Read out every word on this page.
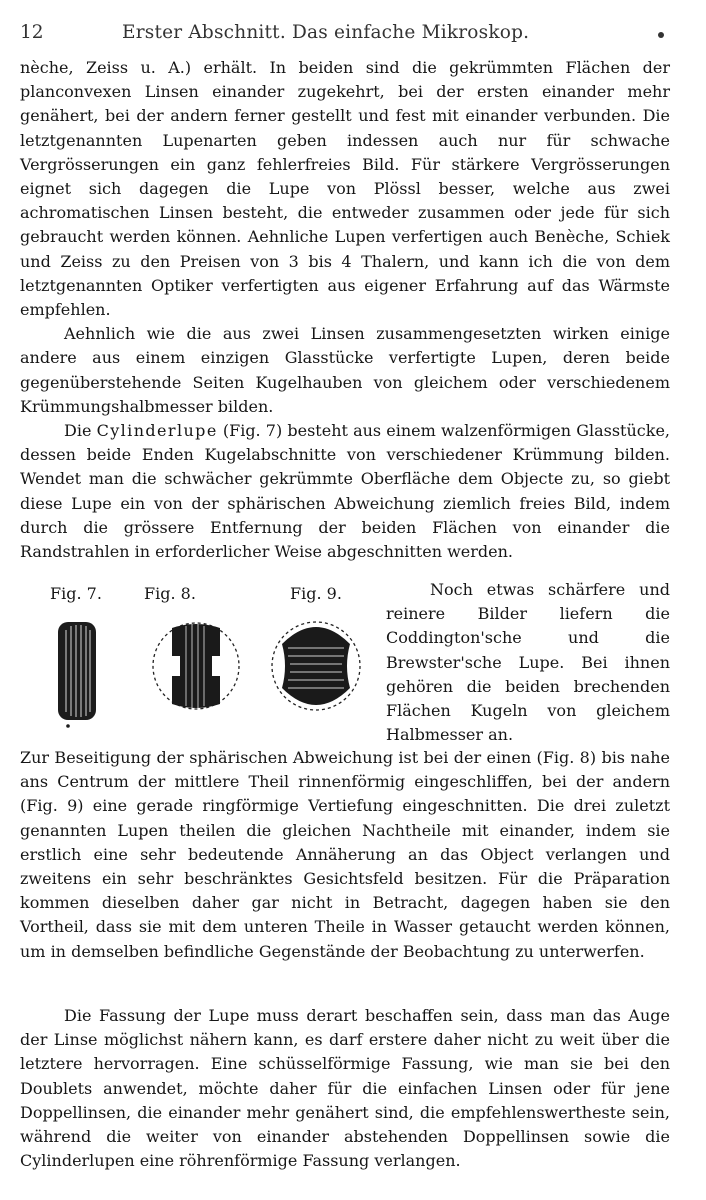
12	Erster Abschnitt. Das einfache Mikroskop.

nèche, Zeiss u. A.) erhält. In beiden sind die gekrümmten Flächen der planconvexen Linsen einander zugekehrt, bei der ersten einander mehr genähert, bei der andern ferner gestellt und fest mit einander verbunden. Die letztgenannten Lupenarten geben indessen auch nur für schwache Vergrösserungen ein ganz fehlerfreies Bild. Für stärkere Vergrösserungen eignet sich dagegen die Lupe von Plössl besser, welche aus zwei achromatischen Linsen besteht, die entweder zusammen oder jede für sich gebraucht werden können. Aehnliche Lupen verfertigen auch Benèche, Schiek und Zeiss zu den Preisen von 3 bis 4 Thalern, und kann ich die von dem letztgenannten Optiker verfertigten aus eigener Erfahrung auf das Wärmste empfehlen.

Aehnlich wie die aus zwei Linsen zusammengesetzten wirken einige andere aus einem einzigen Glasstücke verfertigte Lupen, deren beide gegenüberstehende Seiten Kugelhauben von gleichem oder verschiedenem Krümmungshalbmesser bilden.

Die Cylinderlupe (Fig. 7) besteht aus einem walzenförmigen Glasstücke, dessen beide Enden Kugelabschnitte von verschiedener Krümmung bilden. Wendet man die schwächer gekrümmte Oberfläche dem Objecte zu, so giebt diese Lupe ein von der sphärischen Abweichung ziemlich freies Bild, indem durch die grössere Entfernung der beiden Flächen von einander die Randstrahlen in erforderlicher Weise abgeschnitten werden.

Fig. 7.	Fig. 8.	Fig. 9.	Noch etwas schärfere und reinere Bilder liefern die Coddington'sche und die Brewster'sche Lupe. Bei ihnen gehören die beiden brechenden Flächen Kugeln von gleichem Halbmesser an.

Zur Beseitigung der sphärischen Abweichung ist bei der einen (Fig. 8) bis nahe ans Centrum der mittlere Theil rinnenförmig eingeschliffen, bei der andern (Fig. 9) eine gerade ringförmige Vertiefung eingeschnitten. Die drei zuletzt genannten Lupen theilen die gleichen Nachtheile mit einander, indem sie erstlich eine sehr bedeutende Annäherung an das Object verlangen und zweitens ein sehr beschränktes Gesichtsfeld besitzen. Für die Präparation kommen dieselben daher gar nicht in Betracht, dagegen haben sie den Vortheil, dass sie mit dem unteren Theile in Wasser getaucht werden können, um in demselben befindliche Gegenstände der Beobachtung zu unterwerfen.

Die Fassung der Lupe muss derart beschaffen sein, dass man das Auge der Linse möglichst nähern kann, es darf erstere daher nicht zu weit über die letztere hervorragen. Eine schüsselförmige Fassung, wie man sie bei den Doublets anwendet, möchte daher für die einfachen Linsen oder für jene Doppellinsen, die einander mehr genähert sind, die empfehlenswertheste sein, während die weiter von einander abstehenden Doppellinsen sowie die Cylinderlupen eine röhrenförmige Fassung verlangen.
